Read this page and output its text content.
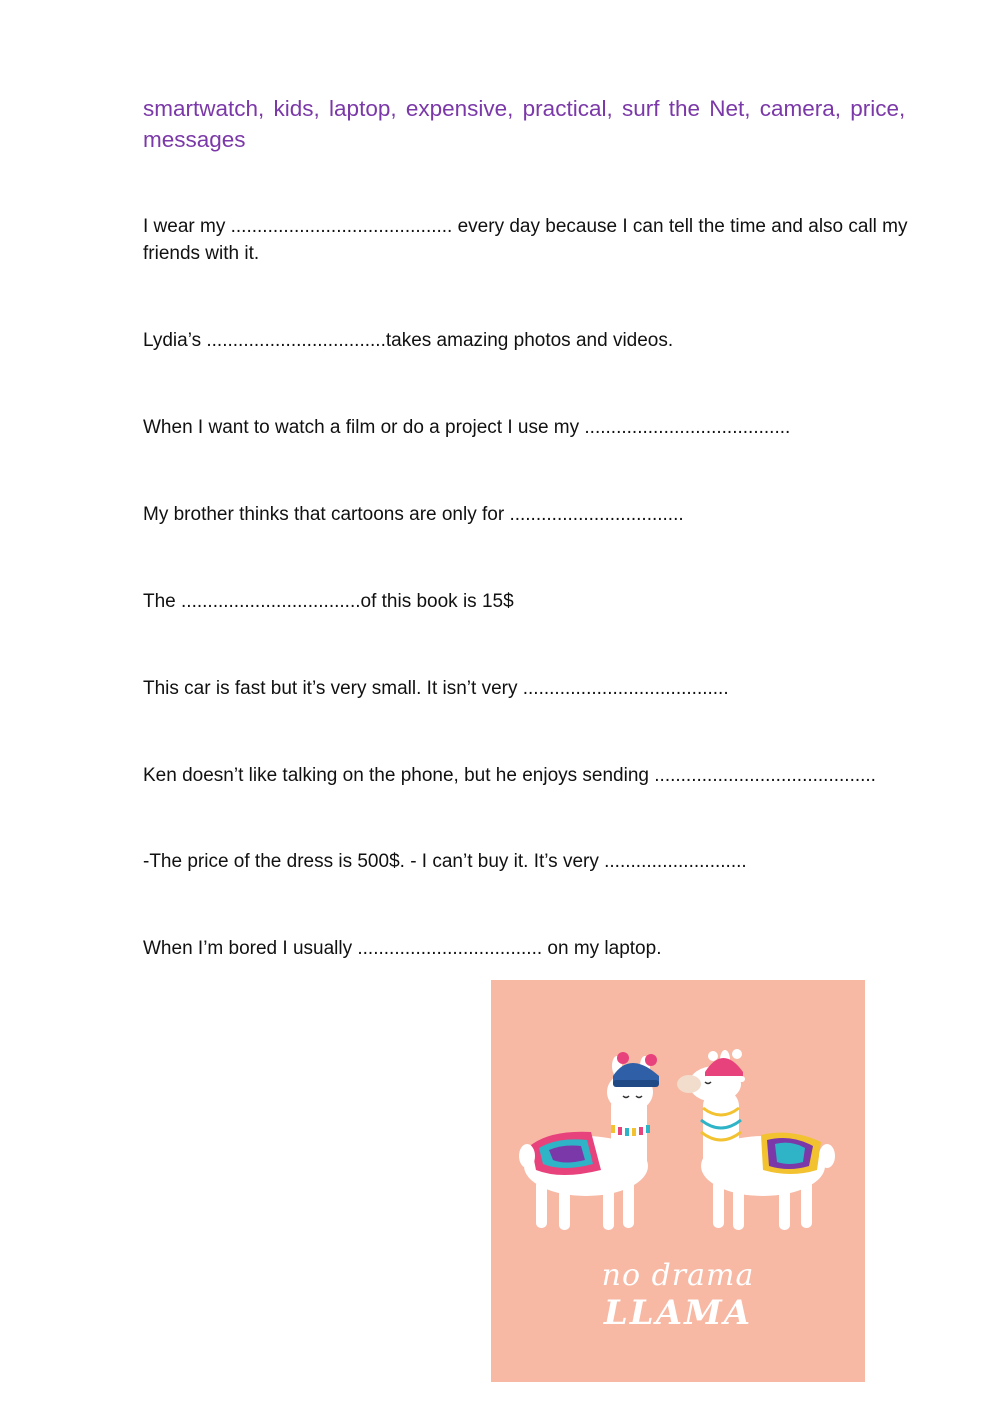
smartwatch, kids, laptop, expensive, practical, surf the Net, camera, price, messages
I wear my .......................................... every day because I can tell the time and also call my friends with it.
Lydia’s ..................................takes amazing photos and videos.
When I want to watch a film or do a project I use my .......................................
My brother thinks that cartoons are only for .................................
The ..................................of this book is 15$
This car is fast but it’s very small. It isn’t very .......................................
Ken doesn’t like talking on the phone, but he enjoys sending ..........................................
-The price of the dress is 500$. - I can’t buy it. It’s very ...........................
When I’m bored I usually ................................... on my laptop.
no drama
LLAMA
